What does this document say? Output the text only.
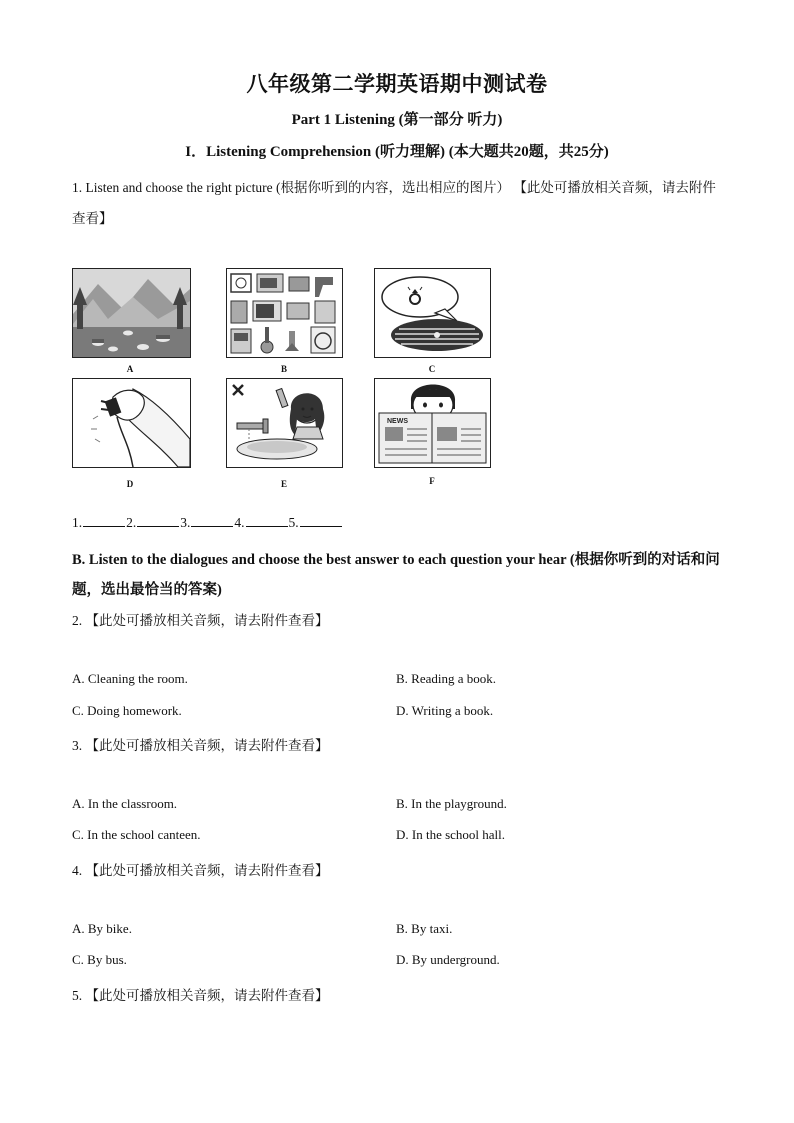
八年级第二学期英语期中测试卷
Part 1 Listening (第一部分 听力)
I．Listening Comprehension (听力理解) (本大题共20题，共25分)
1. Listen and choose the right picture (根据你听到的内容，选出相应的图片） 【此处可播放相关音频，请去附件查看】
A	B	C
D	E
NEWS
F
1.	2.	3.	4.	5.
B. Listen to the dialogues and choose the best answer to each question your hear (根据你听到的对话和问题，选出最恰当的答案)
2. 【此处可播放相关音频，请去附件查看】
A. Cleaning the room.	B. Reading a book.
C. Doing homework.	D. Writing a book.
3. 【此处可播放相关音频，请去附件查看】
A. In the classroom.	B. In the playground.
C. In the school canteen.	D. In the school hall.
4. 【此处可播放相关音频，请去附件查看】
A. By bike.	B. By taxi.
C. By bus.	D. By underground.
5. 【此处可播放相关音频，请去附件查看】
